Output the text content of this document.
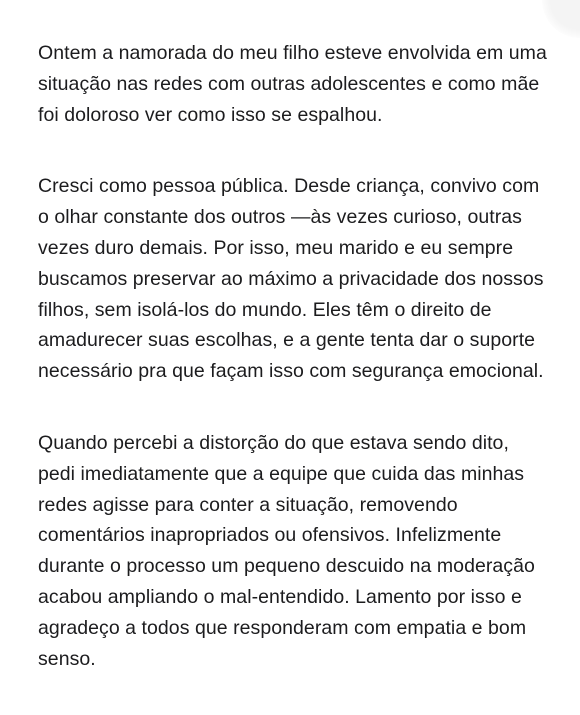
Ontem a namorada do meu filho esteve envolvida em uma
situação nas redes com outras adolescentes e como mãe
foi doloroso ver como isso se espalhou.

Cresci como pessoa pública. Desde criança, convivo com
o olhar constante dos outros —às vezes curioso, outras
vezes duro demais. Por isso, meu marido e eu sempre
buscamos preservar ao máximo a privacidade dos nossos
filhos, sem isolá-los do mundo. Eles têm o direito de
amadurecer suas escolhas, e a gente tenta dar o suporte
necessário pra que façam isso com segurança emocional.

Quando percebi a distorção do que estava sendo dito,
pedi imediatamente que a equipe que cuida das minhas
redes agisse para conter a situação, removendo
comentários inapropriados ou ofensivos. Infelizmente
durante o processo um pequeno descuido na moderação
acabou ampliando o mal-entendido. Lamento por isso e
agradeço a todos que responderam com empatia e bom
senso.
